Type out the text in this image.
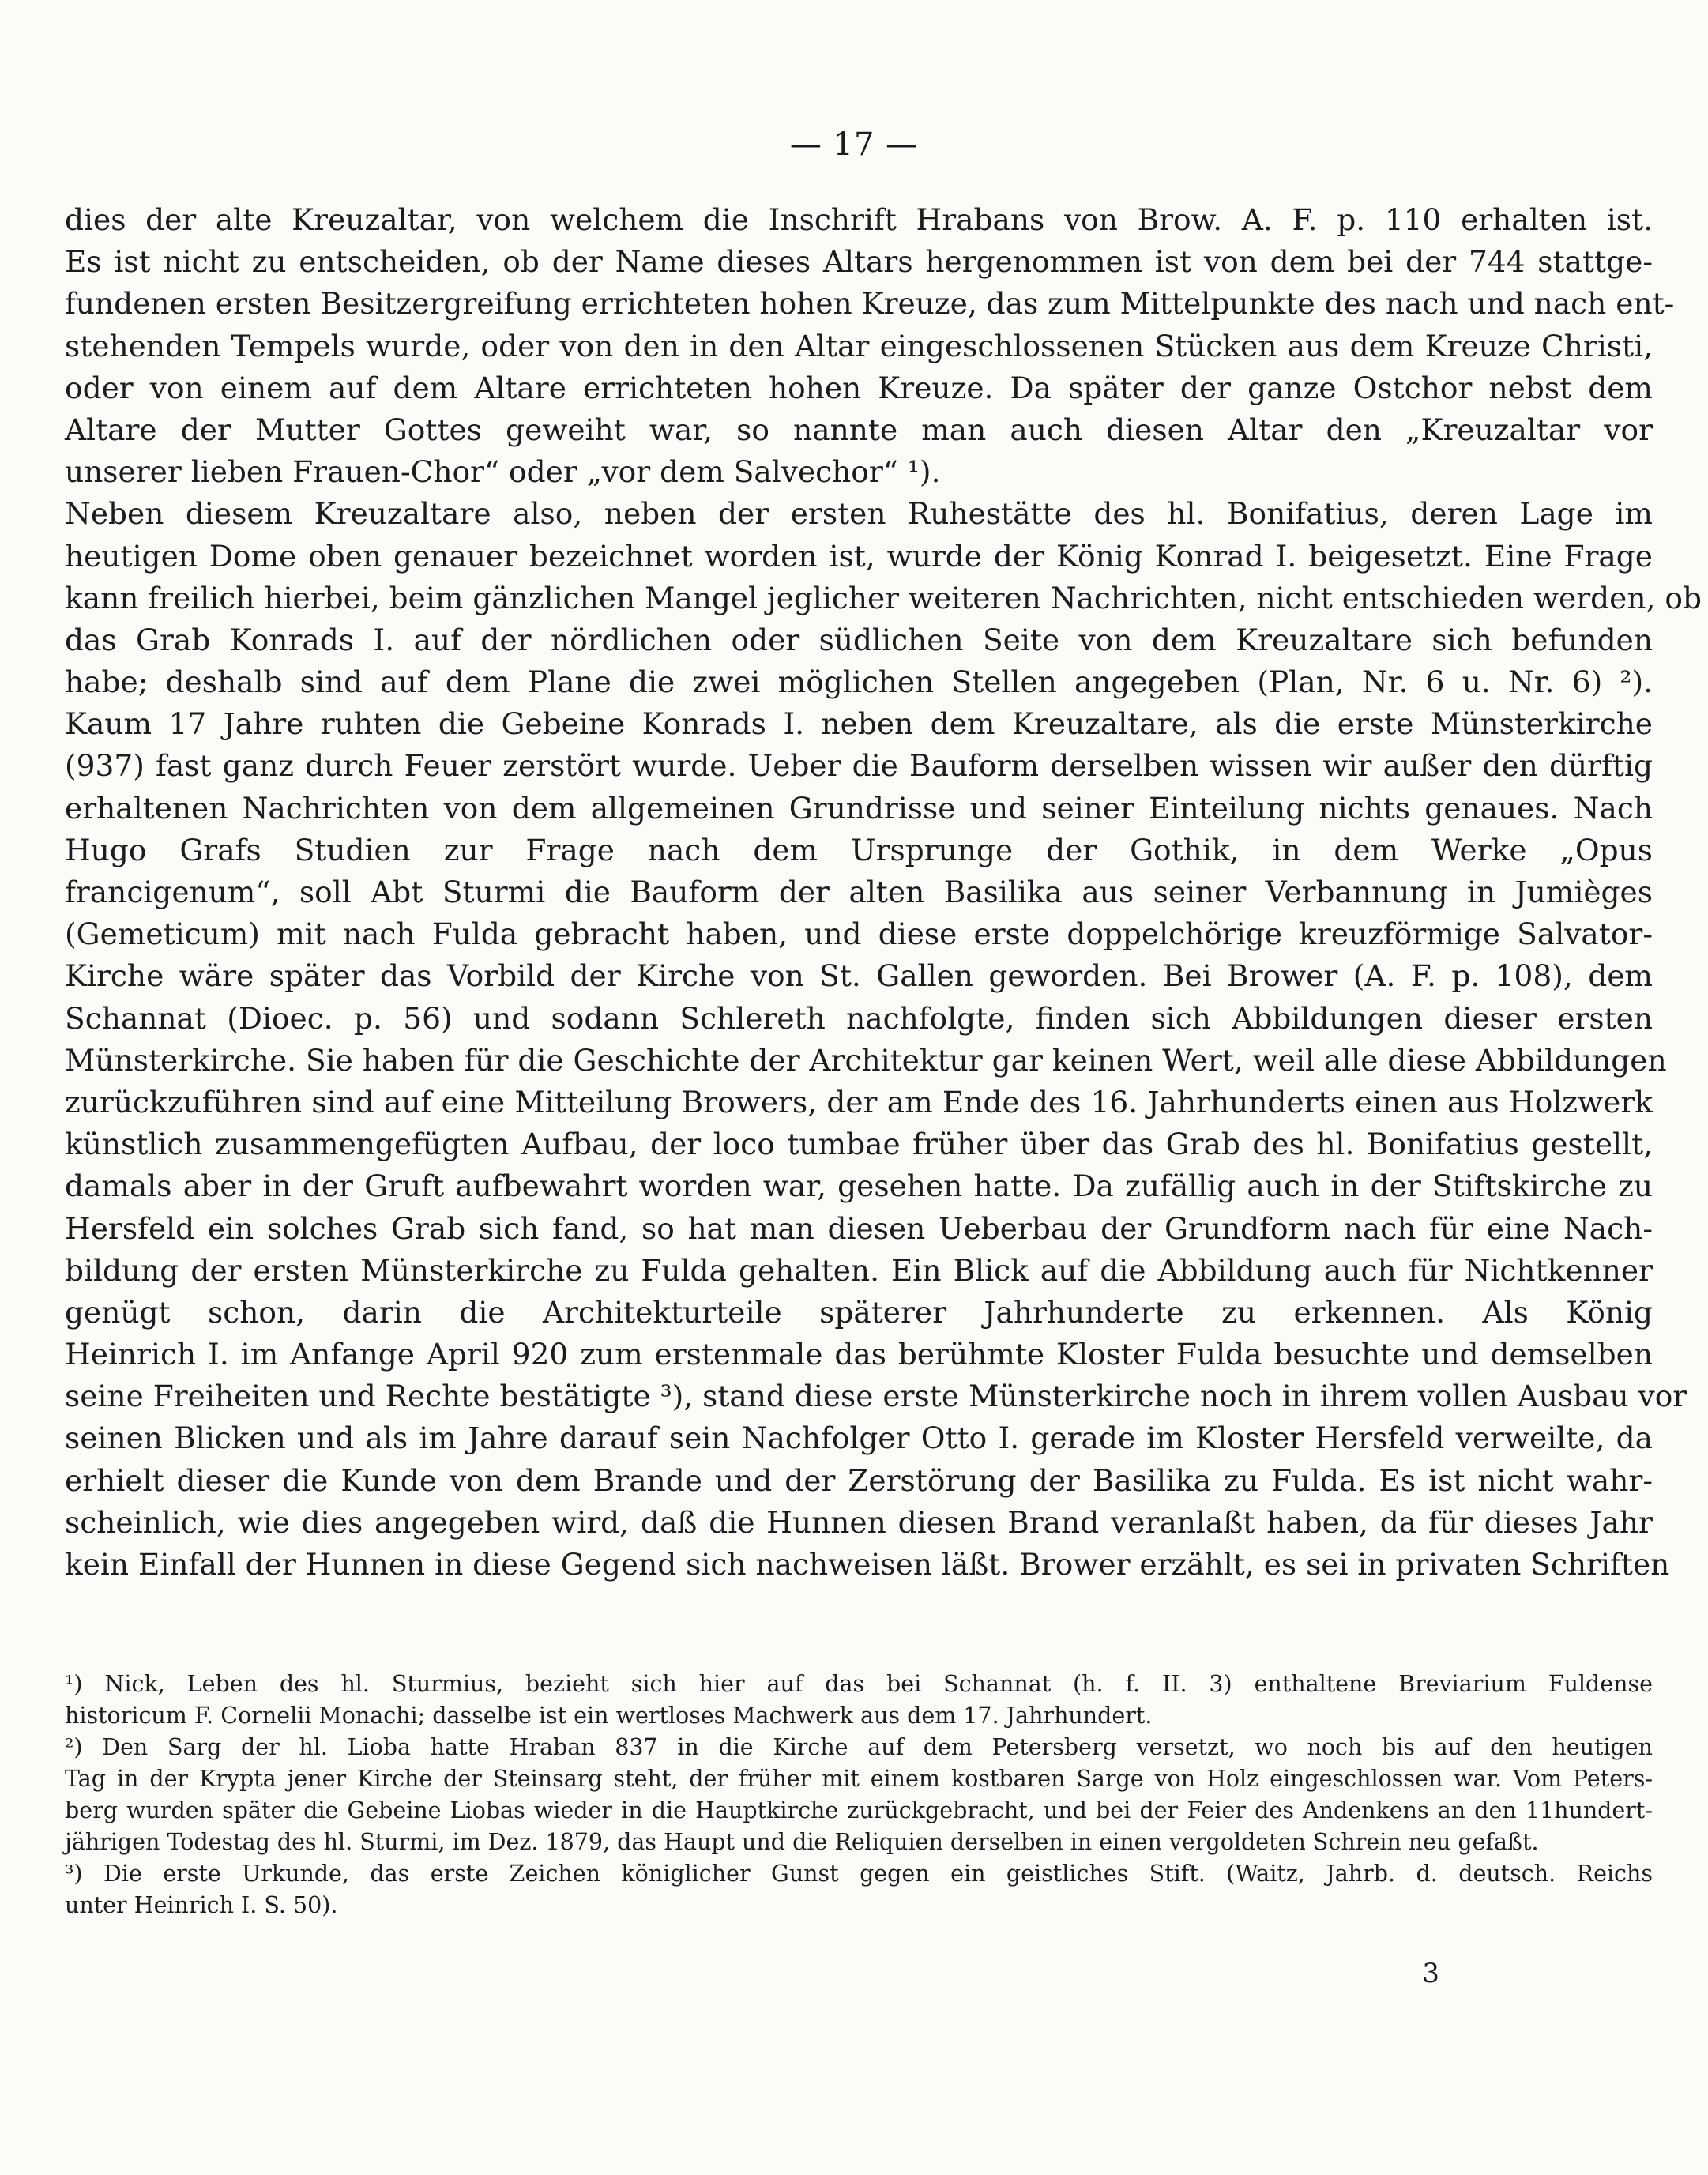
— 17 —
dies der alte Kreuzaltar, von welchem die Inschrift Hrabans von Brow. A. F. p. 110 erhalten ist.
Es ist nicht zu entscheiden, ob der Name dieses Altars hergenommen ist von dem bei der 744 stattge-
fundenen ersten Besitzergreifung errichteten hohen Kreuze, das zum Mittelpunkte des nach und nach ent-
stehenden Tempels wurde, oder von den in den Altar eingeschlossenen Stücken aus dem Kreuze Christi,
oder von einem auf dem Altare errichteten hohen Kreuze. Da später der ganze Ostchor nebst dem
Altare der Mutter Gottes geweiht war, so nannte man auch diesen Altar den „Kreuzaltar vor
unserer lieben Frauen-Chor“ oder „vor dem Salvechor“ ¹).
Neben diesem Kreuzaltare also, neben der ersten Ruhestätte des hl. Bonifatius, deren Lage im
heutigen Dome oben genauer bezeichnet worden ist, wurde der König Konrad I. beigesetzt. Eine Frage
kann freilich hierbei, beim gänzlichen Mangel jeglicher weiteren Nachrichten, nicht entschieden werden, ob
das Grab Konrads I. auf der nördlichen oder südlichen Seite von dem Kreuzaltare sich befunden
habe; deshalb sind auf dem Plane die zwei möglichen Stellen angegeben (Plan, Nr. 6 u. Nr. 6) ²).
Kaum 17 Jahre ruhten die Gebeine Konrads I. neben dem Kreuzaltare, als die erste Münsterkirche
(937) fast ganz durch Feuer zerstört wurde. Ueber die Bauform derselben wissen wir außer den dürftig
erhaltenen Nachrichten von dem allgemeinen Grundrisse und seiner Einteilung nichts genaues. Nach
Hugo Grafs Studien zur Frage nach dem Ursprunge der Gothik, in dem Werke „Opus
francigenum“, soll Abt Sturmi die Bauform der alten Basilika aus seiner Verbannung in Jumièges
(Gemeticum) mit nach Fulda gebracht haben, und diese erste doppelchörige kreuzförmige Salvator-
Kirche wäre später das Vorbild der Kirche von St. Gallen geworden. Bei Brower (A. F. p. 108), dem
Schannat (Dioec. p. 56) und sodann Schlereth nachfolgte, finden sich Abbildungen dieser ersten
Münsterkirche. Sie haben für die Geschichte der Architektur gar keinen Wert, weil alle diese Abbildungen
zurückzuführen sind auf eine Mitteilung Browers, der am Ende des 16. Jahrhunderts einen aus Holzwerk
künstlich zusammengefügten Aufbau, der loco tumbae früher über das Grab des hl. Bonifatius gestellt,
damals aber in der Gruft aufbewahrt worden war, gesehen hatte. Da zufällig auch in der Stiftskirche zu
Hersfeld ein solches Grab sich fand, so hat man diesen Ueberbau der Grundform nach für eine Nach-
bildung der ersten Münsterkirche zu Fulda gehalten. Ein Blick auf die Abbildung auch für Nichtkenner
genügt schon, darin die Architekturteile späterer Jahrhunderte zu erkennen. Als König
Heinrich I. im Anfange April 920 zum erstenmale das berühmte Kloster Fulda besuchte und demselben
seine Freiheiten und Rechte bestätigte ³), stand diese erste Münsterkirche noch in ihrem vollen Ausbau vor
seinen Blicken und als im Jahre darauf sein Nachfolger Otto I. gerade im Kloster Hersfeld verweilte, da
erhielt dieser die Kunde von dem Brande und der Zerstörung der Basilika zu Fulda. Es ist nicht wahr-
scheinlich, wie dies angegeben wird, daß die Hunnen diesen Brand veranlaßt haben, da für dieses Jahr
kein Einfall der Hunnen in diese Gegend sich nachweisen läßt. Brower erzählt, es sei in privaten Schriften
¹) Nick, Leben des hl. Sturmius, bezieht sich hier auf das bei Schannat (h. f. II. 3) enthaltene Breviarium Fuldense
historicum F. Cornelii Monachi; dasselbe ist ein wertloses Machwerk aus dem 17. Jahrhundert.
²) Den Sarg der hl. Lioba hatte Hraban 837 in die Kirche auf dem Petersberg versetzt, wo noch bis auf den heutigen
Tag in der Krypta jener Kirche der Steinsarg steht, der früher mit einem kostbaren Sarge von Holz eingeschlossen war. Vom Peters-
berg wurden später die Gebeine Liobas wieder in die Hauptkirche zurückgebracht, und bei der Feier des Andenkens an den 11hundert-
jährigen Todestag des hl. Sturmi, im Dez. 1879, das Haupt und die Reliquien derselben in einen vergoldeten Schrein neu gefaßt.
³) Die erste Urkunde, das erste Zeichen königlicher Gunst gegen ein geistliches Stift. (Waitz, Jahrb. d. deutsch. Reichs
unter Heinrich I. S. 50).
3
